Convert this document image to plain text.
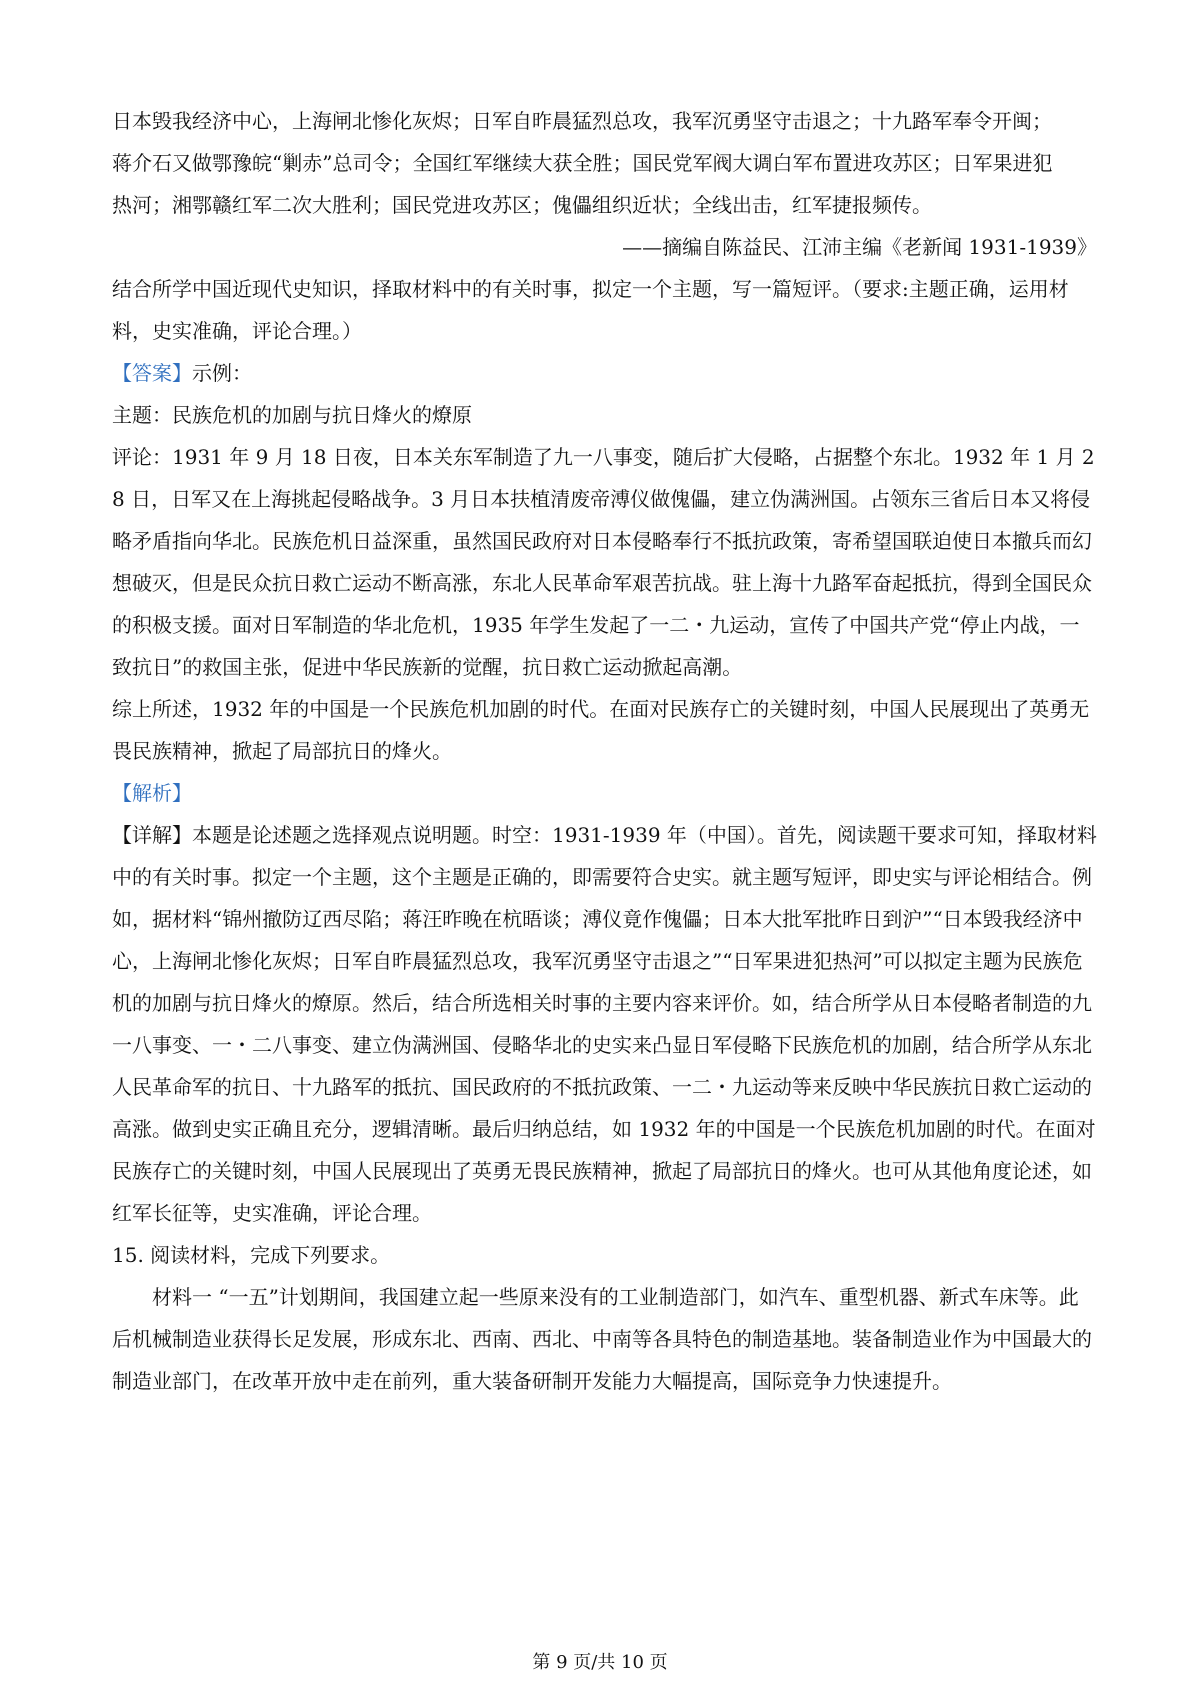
日本毁我经济中心，上海闸北惨化灰烬；日军自昨晨猛烈总攻，我军沉勇坚守击退之；十九路军奉令开闽；

蒋介石又做鄂豫皖“剿赤”总司令；全国红军继续大获全胜；国民党军阀大调白军布置进攻苏区；日军果进犯

热河；湘鄂赣红军二次大胜利；国民党进攻苏区；傀儡组织近状；全线出击，红军捷报频传。

——摘编自陈益民、江沛主编《老新闻 1931-1939》

结合所学中国近现代史知识，择取材料中的有关时事，拟定一个主题，写一篇短评。（要求:主题正确，运用材料，史实准确，评论合理。）

【答案】示例：

主题：民族危机的加剧与抗日烽火的燎原

评论：1931 年 9 月 18 日夜，日本关东军制造了九一八事变，随后扩大侵略，占据整个东北。1932 年 1 月 28 日，日军又在上海挑起侵略战争。3 月日本扶植清废帝溥仪做傀儡，建立伪满洲国。占领东三省后日本又将侵略矛盾指向华北。民族危机日益深重，虽然国民政府对日本侵略奉行不抵抗政策，寄希望国联迫使日本撤兵而幻想破灭，但是民众抗日救亡运动不断高涨，东北人民革命军艰苦抗战。驻上海十九路军奋起抵抗，得到全国民众的积极支援。面对日军制造的华北危机，1935 年学生发起了一二・九运动，宣传了中国共产党“停止内战，一致抗日”的救国主张，促进中华民族新的觉醒，抗日救亡运动掀起高潮。

综上所述，1932 年的中国是一个民族危机加剧的时代。在面对民族存亡的关键时刻，中国人民展现出了英勇无畏民族精神，掀起了局部抗日的烽火。

【解析】

【详解】本题是论述题之选择观点说明题。时空：1931-1939 年（中国）。首先，阅读题干要求可知，择取材料中的有关时事。拟定一个主题，这个主题是正确的，即需要符合史实。就主题写短评，即史实与评论相结合。例如，据材料“锦州撤防辽西尽陷；蒋汪昨晚在杭晤谈；溥仪竟作傀儡；日本大批军批昨日到沪”“日本毁我经济中心，上海闸北惨化灰烬；日军自昨晨猛烈总攻，我军沉勇坚守击退之”“日军果进犯热河”可以拟定主题为民族危机的加剧与抗日烽火的燎原。然后，结合所选相关时事的主要内容来评价。如，结合所学从日本侵略者制造的九一八事变、一・二八事变、建立伪满洲国、侵略华北的史实来凸显日军侵略下民族危机的加剧，结合所学从东北人民革命军的抗日、十九路军的抵抗、国民政府的不抵抗政策、一二・九运动等来反映中华民族抗日救亡运动的高涨。做到史实正确且充分，逻辑清晰。最后归纳总结，如 1932 年的中国是一个民族危机加剧的时代。在面对民族存亡的关键时刻，中国人民展现出了英勇无畏民族精神，掀起了局部抗日的烽火。也可从其他角度论述，如红军长征等，史实准确，评论合理。

15. 阅读材料，完成下列要求。

材料一 “一五”计划期间，我国建立起一些原来没有的工业制造部门，如汽车、重型机器、新式车床等。此后机械制造业获得长足发展，形成东北、西南、西北、中南等各具特色的制造基地。装备制造业作为中国最大的制造业部门，在改革开放中走在前列，重大装备研制开发能力大幅提高，国际竞争力快速提升。

第 9 页/共 10 页
